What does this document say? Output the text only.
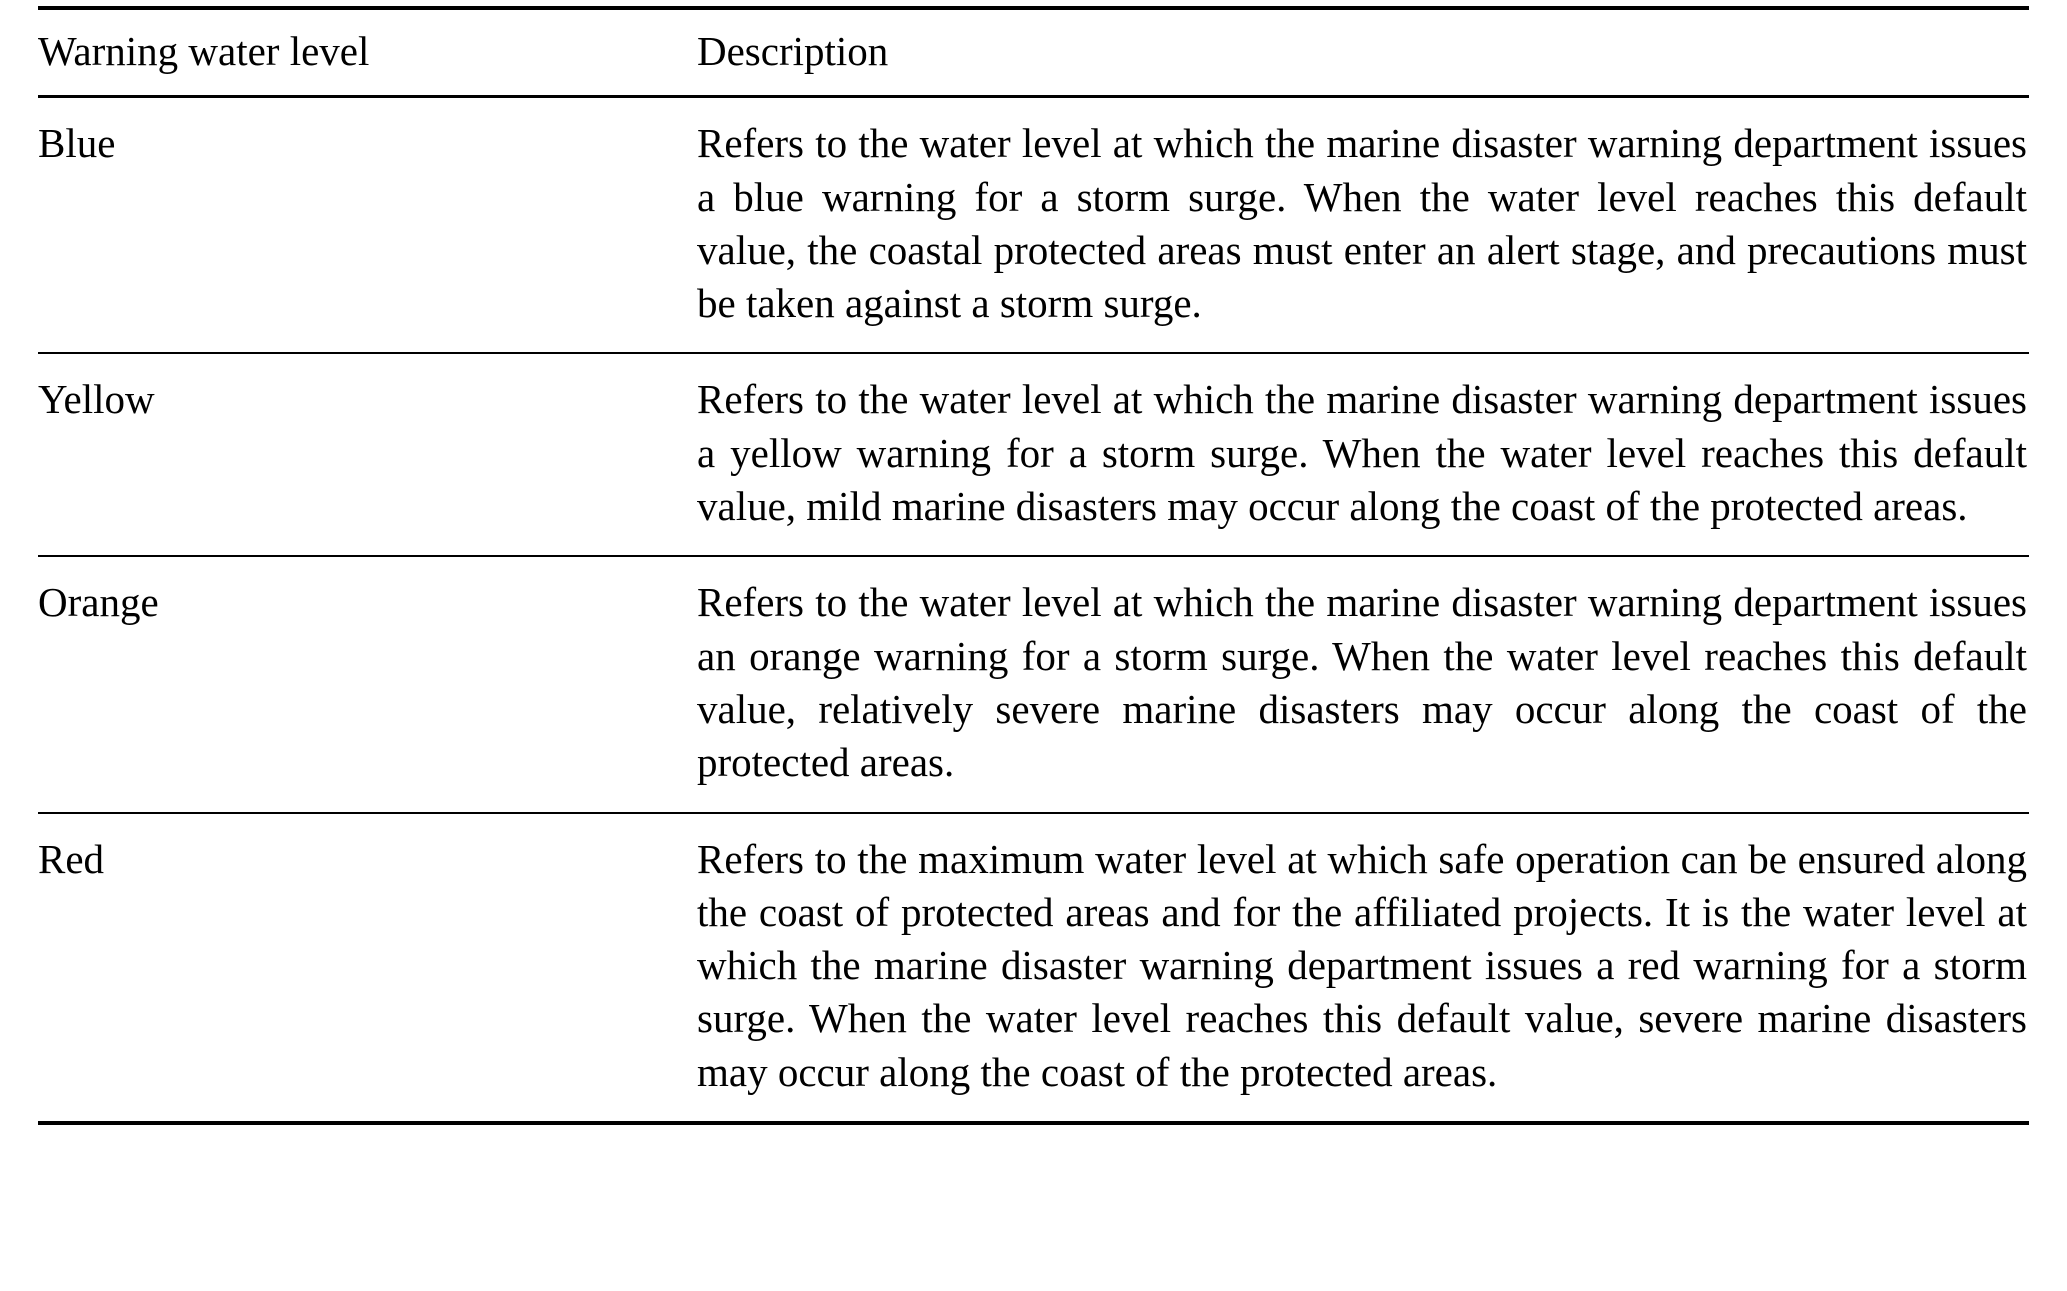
Warning water level	Description
Blue	Refers to the water level at which the marine disaster warning department issues a blue warning for a storm surge. When the water level reaches this default value, the coastal protected areas must enter an alert stage, and precautions must be taken against a storm surge.

Yellow	Refers to the water level at which the marine disaster warning department issues a yellow warning for a storm surge. When the water level reaches this default value, mild marine disasters may occur along the coast of the protected areas.

Orange	Refers to the water level at which the marine disaster warning department issues an orange warning for a storm surge. When the water level reaches this default value, relatively severe marine disasters may occur along the coast of the protected areas.

Red	Refers to the maximum water level at which safe operation can be ensured along the coast of protected areas and for the affiliated projects. It is the water level at which the marine disaster warning department issues a red warning for a storm surge. When the water level reaches this default value, severe marine disasters may occur along the coast of the protected areas.
